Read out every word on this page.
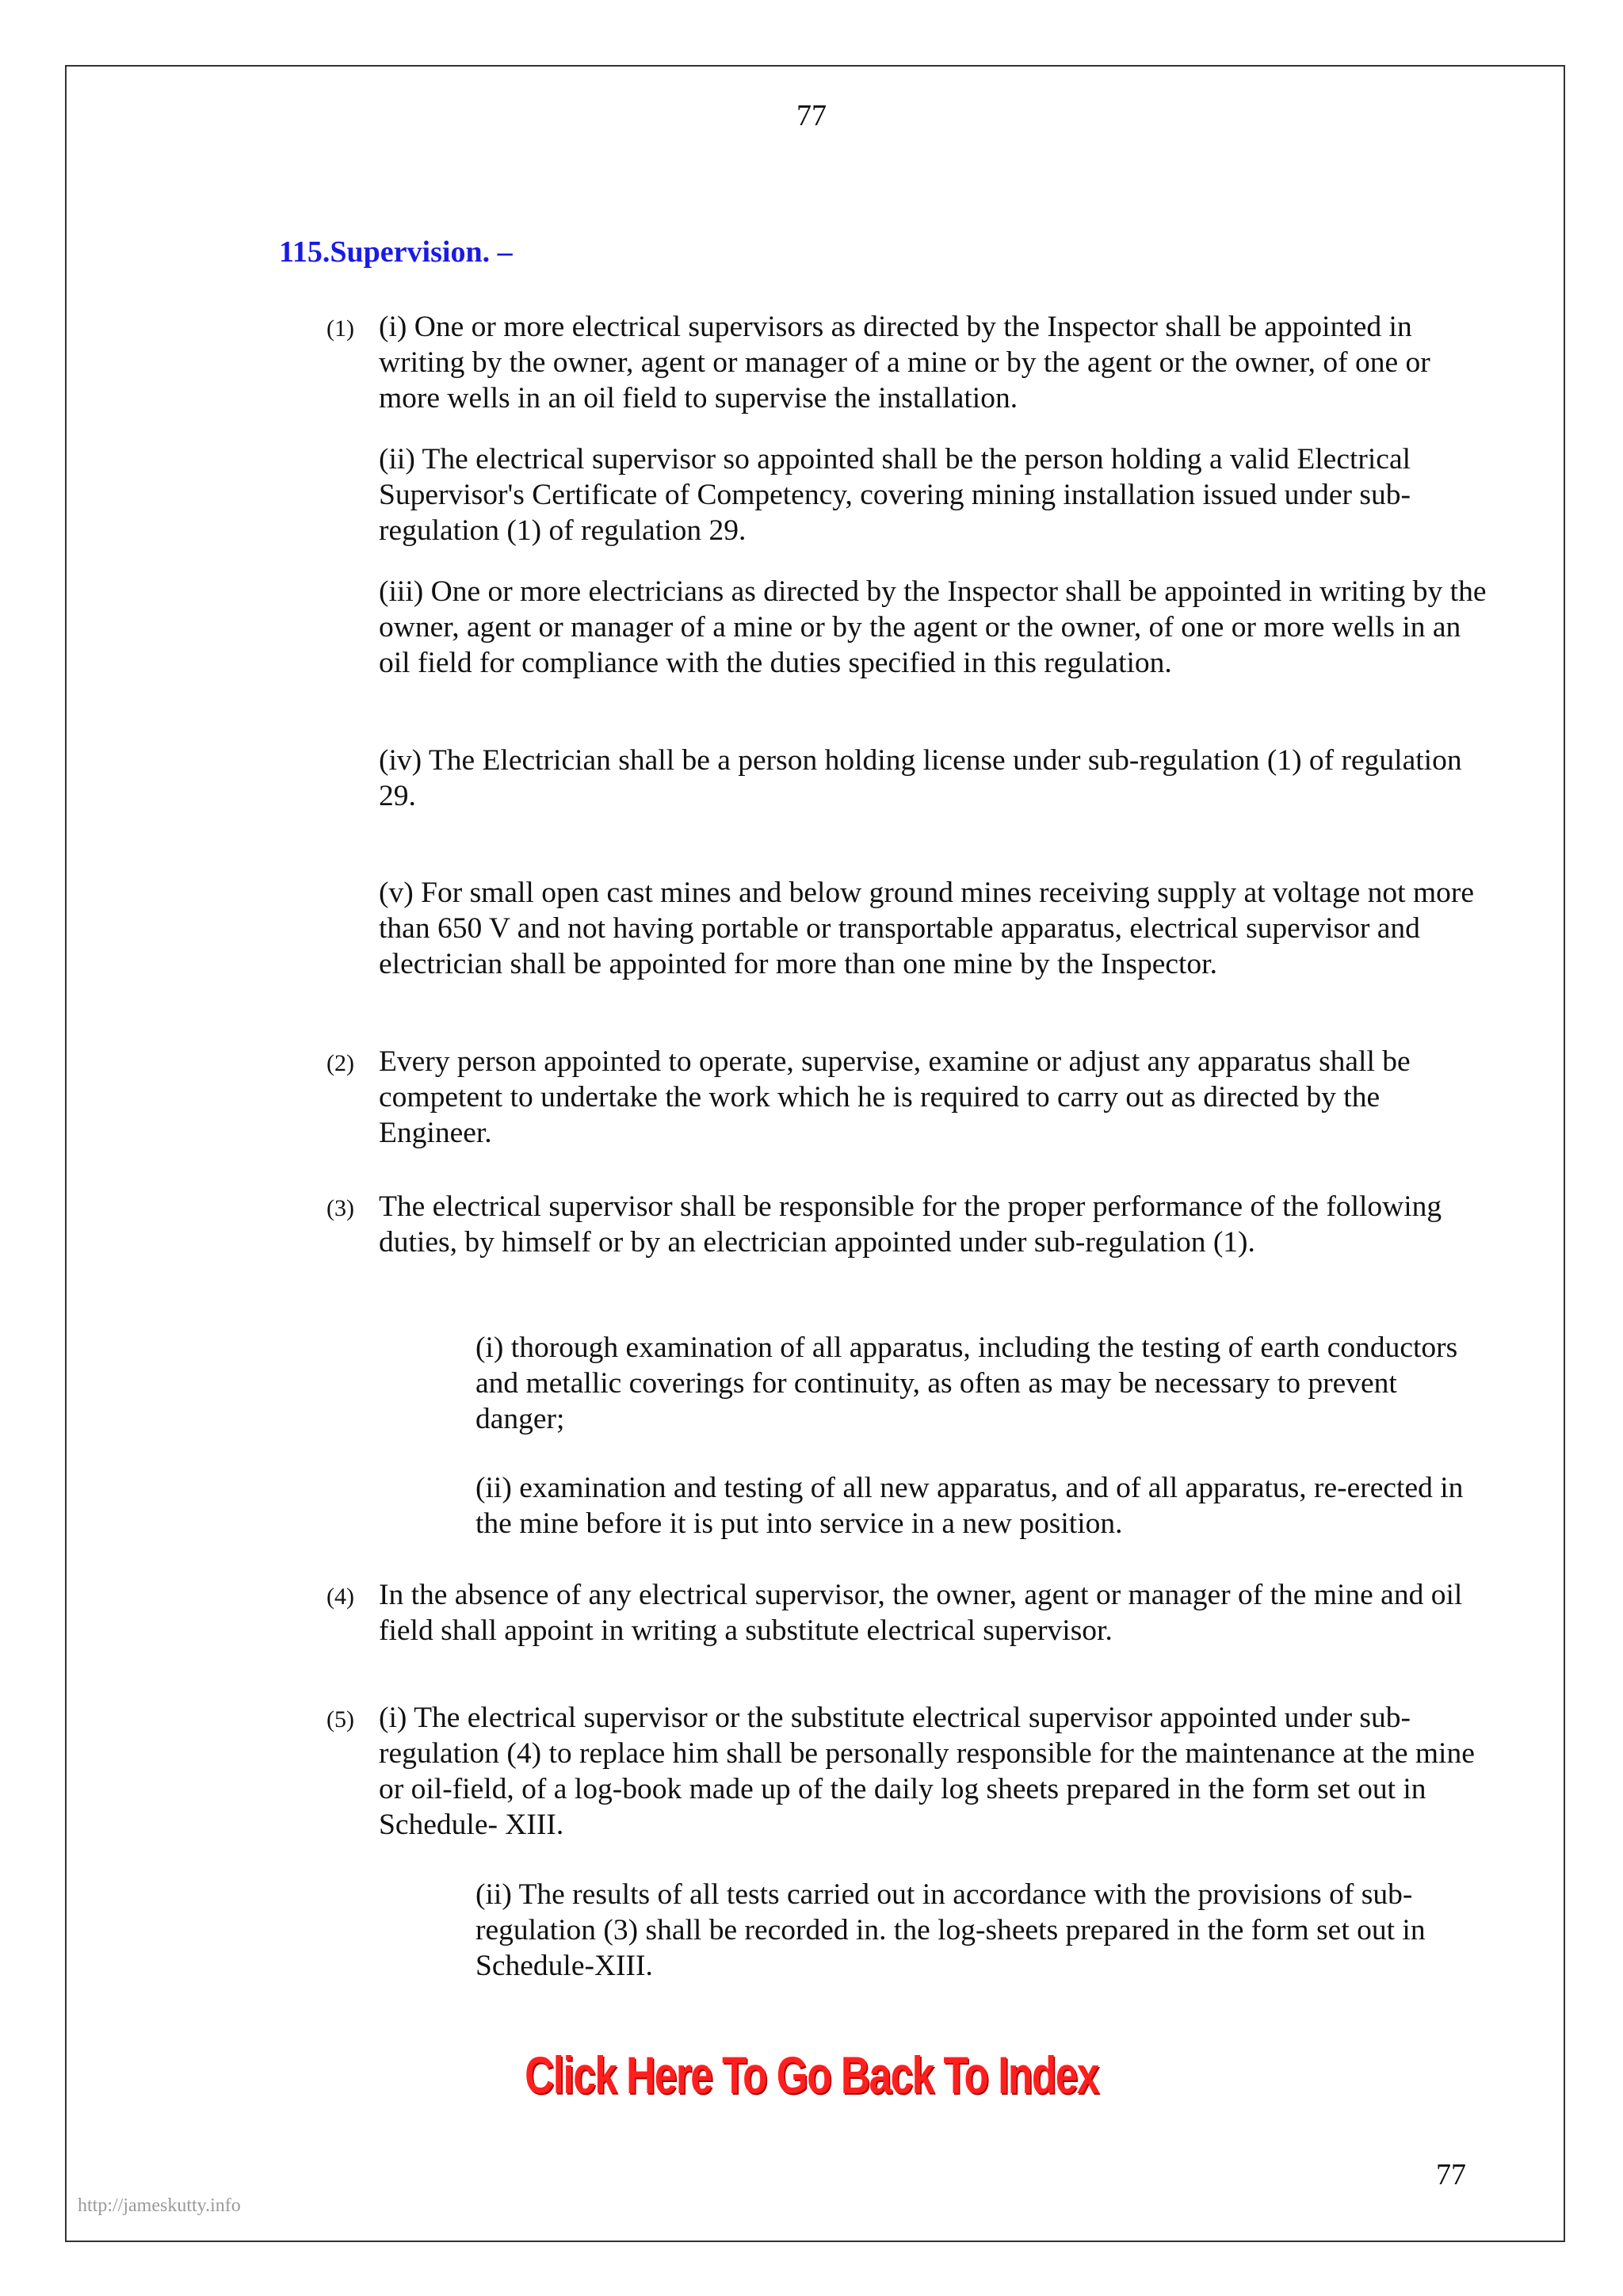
77
115.Supervision. –
(1) (i) One or more electrical supervisors as directed by the Inspector shall be appointed in writing by the owner, agent or manager of a mine or by the agent or the owner, of one or more wells in an oil field to supervise the installation.
(ii) The electrical supervisor so appointed shall be the person holding a valid Electrical Supervisor's Certificate of Competency, covering mining installation issued under sub-regulation (1) of regulation 29.
(iii) One or more electricians as directed by the Inspector shall be appointed in writing by the owner, agent or manager of a mine or by the agent or the owner, of one or more wells in an oil field for compliance with the duties specified in this regulation.
(iv) The Electrician shall be a person holding license under sub-regulation (1) of regulation 29.
(v) For small open cast mines and below ground mines receiving supply at voltage not more than 650 V and not having portable or transportable apparatus, electrical supervisor and electrician shall be appointed for more than one mine by the Inspector.
(2) Every person appointed to operate, supervise, examine or adjust any apparatus shall be competent to undertake the work which he is required to carry out as directed by the Engineer.
(3) The electrical supervisor shall be responsible for the proper performance of the following duties, by himself or by an electrician appointed under sub-regulation (1).
(i) thorough examination of all apparatus, including the testing of earth conductors and metallic coverings for continuity, as often as may be necessary to prevent danger;
(ii) examination and testing of all new apparatus, and of all apparatus, re-erected in the mine before it is put into service in a new position.
(4) In the absence of any electrical supervisor, the owner, agent or manager of the mine and oil field shall appoint in writing a substitute electrical supervisor.
(5) (i) The electrical supervisor or the substitute electrical supervisor appointed under sub-regulation (4) to replace him shall be personally responsible for the maintenance at the mine or oil-field, of a log-book made up of the daily log sheets prepared in the form set out in Schedule- XIII.
(ii) The results of all tests carried out in accordance with the provisions of sub-regulation (3) shall be recorded in. the log-sheets prepared in the form set out in Schedule-XIII.
Click Here To Go Back To Index
77
http://jameskutty.info
